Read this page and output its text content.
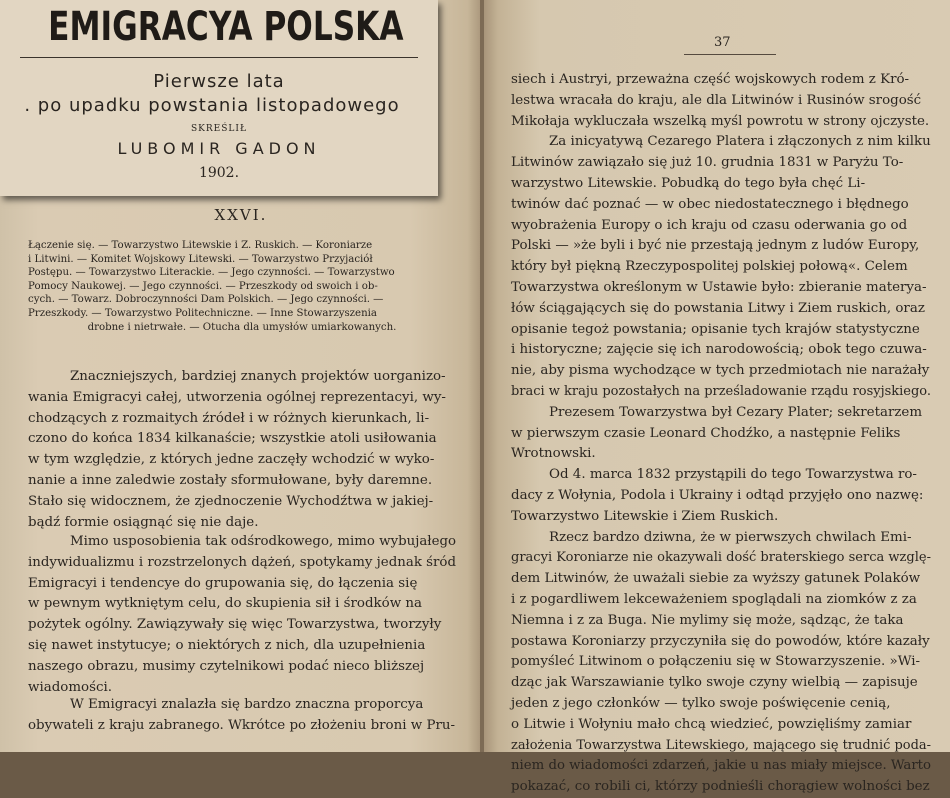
XXVI.
Łączenie się. — Towarzystwo Litewskie i Z. Ruskich. — Koroniarze
i Litwini. — Komitet Wojskowy Litewski. — Towarzystwo Przyjaciół
Postępu. — Towarzystwo Literackie. — Jego czynności. — Towarzystwo
Pomocy Naukowej. — Jego czynności. — Przeszkody od swoich i ob-
cych. — Towarz. Dobroczynności Dam Polskich. — Jego czynności. —
Przeszkody. — Towarzystwo Politechniczne. — Inne Stowarzyszenia
drobne i nietrwałe. — Otucha dla umysłów umiarkowanych.
Znaczniejszych, bardziej znanych projektów uorganizo-
wania Emigracyi całej, utworzenia ogólnej reprezentacyi, wy-
chodzących z rozmaitych źródeł i w różnych kierunkach, li-
czono do końca 1834 kilkanaście; wszystkie atoli usiłowania
w tym względzie, z których jedne zaczęły wchodzić w wyko-
nanie a inne zaledwie zostały sformułowane, były daremne.
Stało się widocznem, że zjednoczenie Wychodźtwa w jakiej-
bądź formie osiągnąć się nie daje.
Mimo usposobienia tak odśrodkowego, mimo wybujałego
indywidualizmu i rozstrzelonych dążeń, spotykamy jednak śród
Emigracyi i tendencye do grupowania się, do łączenia się
w pewnym wytkniętym celu, do skupienia sił i środków na
pożytek ogólny. Zawiązywały się więc Towarzystwa, tworzyły
się nawet instytucye; o niektórych z nich, dla uzupełnienia
naszego obrazu, musimy czytelnikowi podać nieco bliższej
wiadomości.
W Emigracyi znalazła się bardzo znaczna proporcya
obywateli z kraju zabranego. Wkrótce po złożeniu broni w Pru-
37
siech i Austryi, przeważna część wojskowych rodem z Kró-
lestwa wracała do kraju, ale dla Litwinów i Rusinów srogość
Mikołaja wykluczała wszelką myśl powrotu w strony ojczyste.
Za inicyatywą Cezarego Platera i złączonych z nim kilku
Litwinów zawiązało się już 10. grudnia 1831 w Paryżu To-
warzystwo Litewskie. Pobudką do tego była chęć Li-
twinów dać poznać — w obec niedostatecznego i błędnego
wyobrażenia Europy o ich kraju od czasu oderwania go od
Polski — »że byli i być nie przestają jednym z ludów Europy,
który był piękną Rzeczypospolitej polskiej połową«. Celem
Towarzystwa określonym w Ustawie było: zbieranie materya-
łów ściągających się do powstania Litwy i Ziem ruskich, oraz
opisanie tegoż powstania; opisanie tych krajów statystyczne
i historyczne; zajęcie się ich narodowością; obok tego czuwa-
nie, aby pisma wychodzące w tych przedmiotach nie narażały
braci w kraju pozostałych na prześladowanie rządu rosyjskiego.
Prezesem Towarzystwa był Cezary Plater; sekretarzem
w pierwszym czasie Leonard Chodźko, a następnie Feliks
Wrotnowski.
Od 4. marca 1832 przystąpili do tego Towarzystwa ro-
dacy z Wołynia, Podola i Ukrainy i odtąd przyjęło ono nazwę:
Towarzystwo Litewskie i Ziem Ruskich.
Rzecz bardzo dziwna, że w pierwszych chwilach Emi-
gracyi Koroniarze nie okazywali dość braterskiego serca wzglę-
dem Litwinów, że uważali siebie za wyższy gatunek Polaków
i z pogardliwem lekceważeniem spoglądali na ziomków z za
Niemna i z za Buga. Nie mylimy się może, sądząc, że taka
postawa Koroniarzy przyczyniła się do powodów, które kazały
pomyśleć Litwinom o połączeniu się w Stowarzyszenie. »Wi-
dząc jak Warszawianie tylko swoje czyny wielbią — zapisuje
jeden z jego członków — tylko swoje poświęcenie cenią,
o Litwie i Wołyniu mało chcą wiedzieć, powzięliśmy zamiar
założenia Towarzystwa Litewskiego, mającego się trudnić poda-
niem do wiadomości zdarzeń, jakie u nas miały miejsce. Warto
pokazać, co robili ci, którzy podnieśli chorągiew wolności bez
EMIGRACYA POLSKA
Pierwsze lata
. po upadku powstania listopadowego
SKREŚLIŁ
LUBOMIR GADON
1902.
